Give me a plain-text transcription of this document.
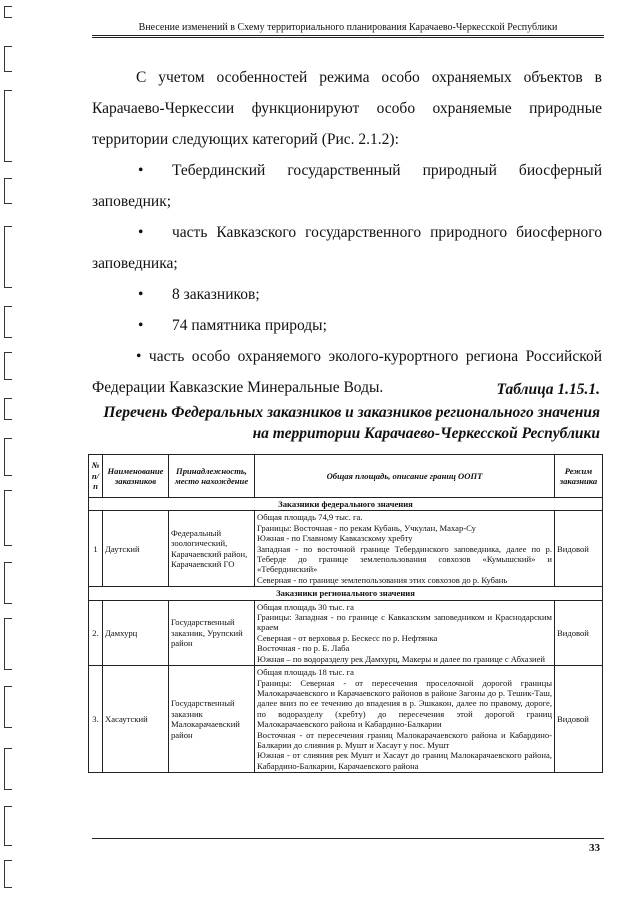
Внесение изменений в Схему территориального планирования Карачаево-Черкесской Республики

С учетом особенностей режима особо охраняемых объектов в Карачаево-Черкессии функционируют особо охраняемые природные территории следующих категорий (Рис. 2.1.2):

• Тебердинский государственный природный биосферный заповедник;

• часть Кавказского государственного природного биосферного заповедника;

• 8 заказников;

• 74 памятника природы;

• часть особо охраняемого эколого-курортного региона Российской Федерации Кавказские Минеральные Воды.	Таблица 1.15.1.
Перечень Федеральных заказников и заказников регионального значения на территории Карачаево-Черкесской Республики
№ п/п	Наименование заказников	Принадлежность, место нахождение	Общая площадь, описание границ ООПТ	Режим заказника
Заказники федерального значения				
1	Даутский	Федеральный зоологический, Карачаевский район, Карачаевский ГО	Общая площадь 74,9 тыс. га.
Границы: Восточная - по рекам Кубань, Учкулан, Махар-Су
Южная - по Главному Кавказскому хребту
Западная - по восточной границе Тебердинского заповедника, далее по р. Теберде до границе землепользования совхозов «Кумышский» и «Тебердинский»
Северная - по границе землепользования этих совхозов до р. Кубань	Видовой
Заказники регионального значения				
2.	Дамхурц	Государственный заказник, Урупский район	Общая площадь 30 тыс. га
Границы: Западная - по границе с Кавказским заповедником и Краснодарским краем
Северная - от верховья р. Бескесс по р. Нефтянка
Восточная - по р. Б. Лаба
Южная – по водоразделу рек Дамхурц, Макеры и далее по границе с Абхазией	Видовой
3.	Хасаутский	Государственный заказник Малокарачаевский район	Общая площадь 18 тыс. га
Границы: Северная - от пересечения проселочной дорогой границы Малокарачаевского и Карачаевского районов в районе Загоны до р. Тешик-Таш, далее вниз по ее течению до впадения в р. Эшкакон, далее по правому, дороге, по водоразделу (хребту) до пересечения этой дорогой границ Малокарачаевского района и Кабардино-Балкарии
Восточная - от пересечения границ Малокарачаевского района и Кабардино-Балкарии до слияния р. Мушт и Хасаут у пос. Мушт
Южная - от слияния рек Мушт и Хасаут до границ Малокарачаевского района, Кабардино-Балкарии, Карачаевского района	Видовой
33
